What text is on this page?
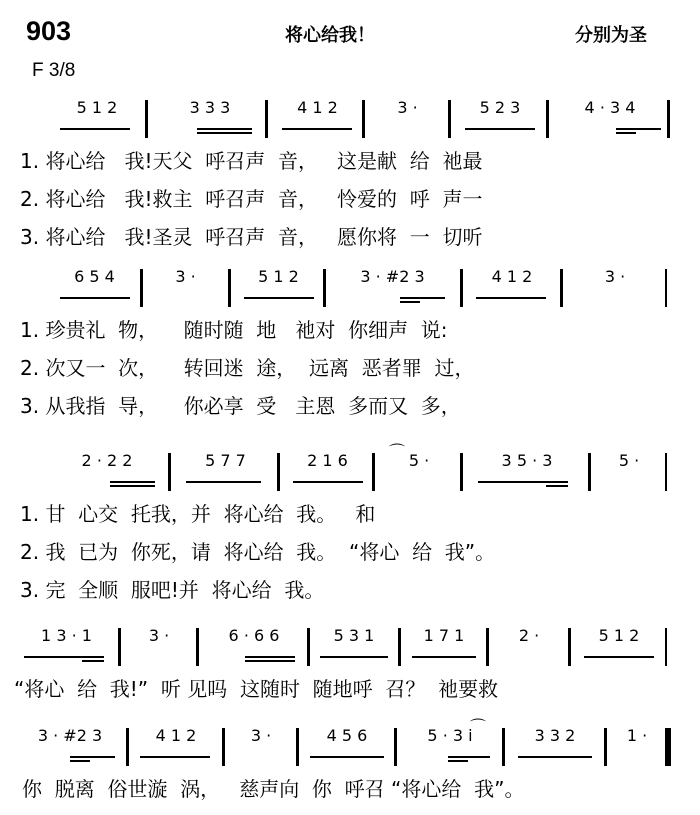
903	将心给我！	分别为圣
F 3/8
5 1 2	3 3 3	4 1 2	3 ·	5 2 3	4 · 3 4
1. 将心给   我!天父  呼召声  音，   这是献  给  祂最
2. 将心给   我!救主  呼召声  音，   怜爱的  呼  声一
3. 将心给   我!圣灵  呼召声  音，   愿你将  一  切听
6 5 4	3 ·	5 1 2	3 · #2 3	4 1 2	3 ·
1. 珍贵礼  物，    随时随  地   祂对  你细声  说:
2. 次又一  次，    转回迷  途，  远离  恶者罪  过，
3. 从我指  导，    你必享  受   主恩  多而又  多，
2 · 2 2	5 7 7	2 1 6	5 ·	3 5 · 3	5 ·
⌒
1. 甘  心交  托我，并  将心给  我。   和
2. 我  已为  你死，请  将心给  我。  “将心  给  我”。
3. 完  全顺  服吧!并  将心给  我。
1 3 · 1	3 ·	6 · 6 6	5 3 1	1 7 1	2 ·	5 1 2
“将心  给  我!”  听 见吗  这随时  随地呼  召？  祂要救
3 · #2 3	4 1 2	3 ·	4 5 6	5 · 3 i	3 3 2	1 ·
⌒
你  脱离  俗世漩  涡，   慈声向  你  呼召 “将心给  我”。
